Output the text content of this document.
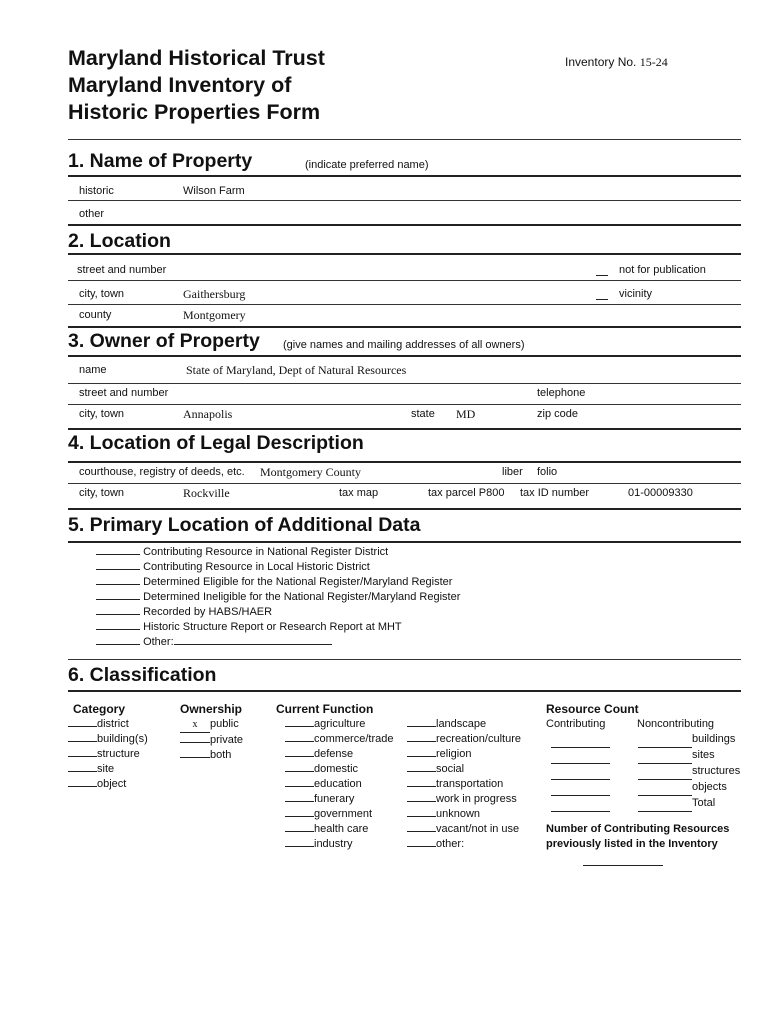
Maryland Historical Trust
Maryland Inventory of
Historic Properties Form
Inventory No. 15-24
1. Name of Property	(indicate preferred name)
historic	Wilson Farm
other
2. Location
street and number	not for publication
city, town	Gaithersburg	vicinity
county	Montgomery
3. Owner of Property (give names and mailing addresses of all owners)
name	State of Maryland, Dept of Natural Resources
street and number	telephone
city, town	Annapolis	state MD	zip code
4. Location of Legal Description
courthouse, registry of deeds, etc. Montgomery County	liber folio
city, town	Rockville	tax map	tax parcel P800 tax ID number	01-00009330
5. Primary Location of Additional Data
Contributing Resource in National Register District
Contributing Resource in Local Historic District
Determined Eligible for the National Register/Maryland Register
Determined Ineligible for the National Register/Maryland Register
Recorded by HABS/HAER
Historic Structure Report or Research Report at MHT
Other:
6. Classification
Category
district
building(s)
structure
site
object
Ownership
x public
private
both
Current Function
agriculture
commerce/trade
defense
domestic
education
funerary
government
health care
industry
landscape
recreation/culture
religion
social
transportation
work in progress
unknown
vacant/not in use
other:
Resource Count
Contributing	Noncontributing

buildings
sites
structures
objects
Total
Number of Contributing Resources
previously listed in the Inventory
